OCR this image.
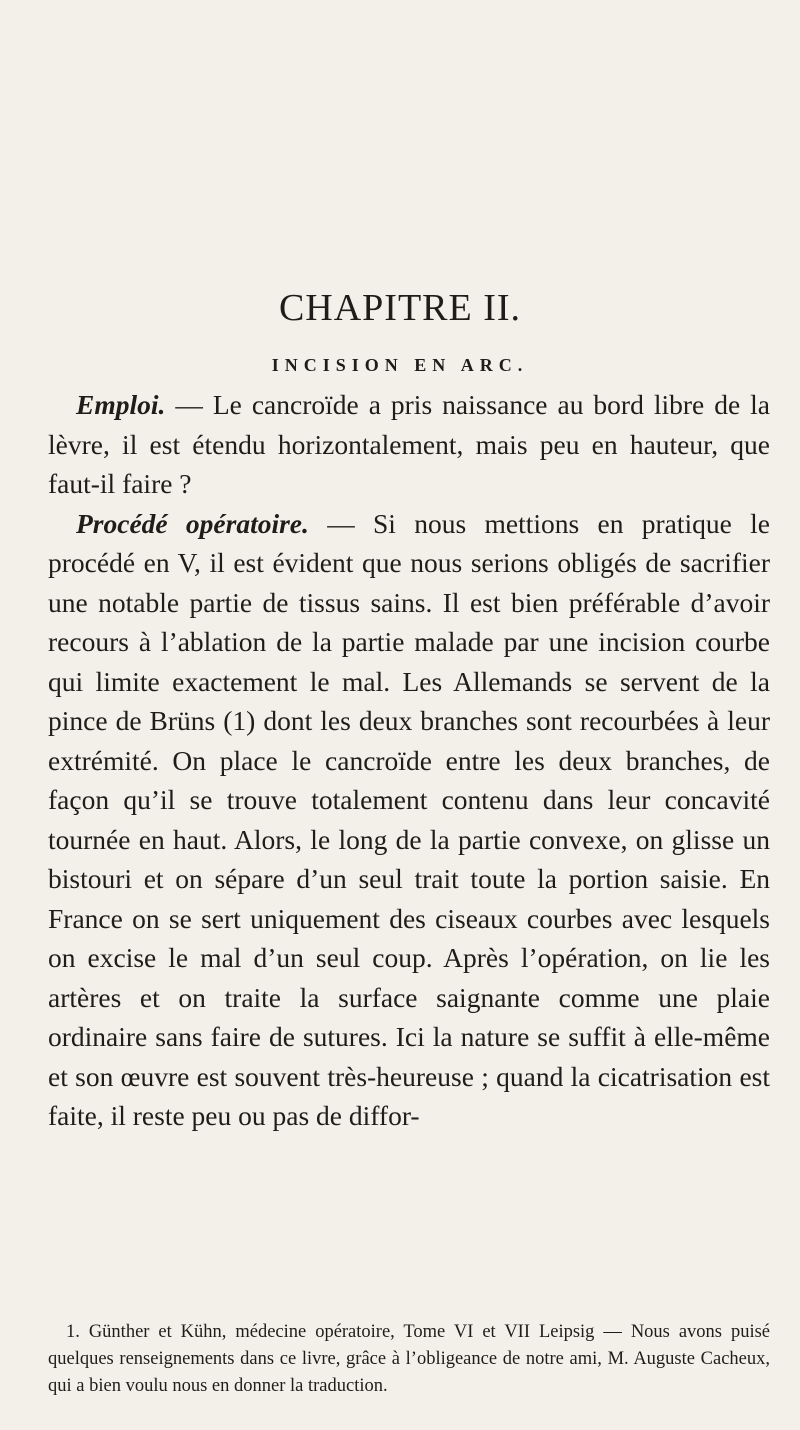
CHAPITRE II.
INCISION EN ARC.

Emploi. — Le cancroïde a pris naissance au bord libre de la lèvre, il est étendu horizontalement, mais peu en hauteur, que faut-il faire ?

Procédé opératoire. — Si nous mettions en pratique le procédé en V, il est évident que nous serions obligés de sacrifier une notable partie de tissus sains. Il est bien préférable d’avoir recours à l’ablation de la partie malade par une incision courbe qui limite exactement le mal. Les Allemands se servent de la pince de Brüns (1) dont les deux branches sont recourbées à leur extrémité. On place le cancroïde entre les deux branches, de façon qu’il se trouve totalement contenu dans leur concavité tournée en haut. Alors, le long de la partie convexe, on glisse un bistouri et on sépare d’un seul trait toute la portion saisie. En France on se sert uniquement des ciseaux courbes avec lesquels on excise le mal d’un seul coup. Après l’opération, on lie les artères et on traite la surface saignante comme une plaie ordinaire sans faire de sutures. Ici la nature se suffit à elle-même et son œuvre est souvent très-heureuse ; quand la cicatrisation est faite, il reste peu ou pas de diffor-

1. Günther et Kühn, médecine opératoire, Tome VI et VII Leipsig — Nous avons puisé quelques renseignements dans ce livre, grâce à l’obligeance de notre ami, M. Auguste Cacheux, qui a bien voulu nous en donner la traduction.
